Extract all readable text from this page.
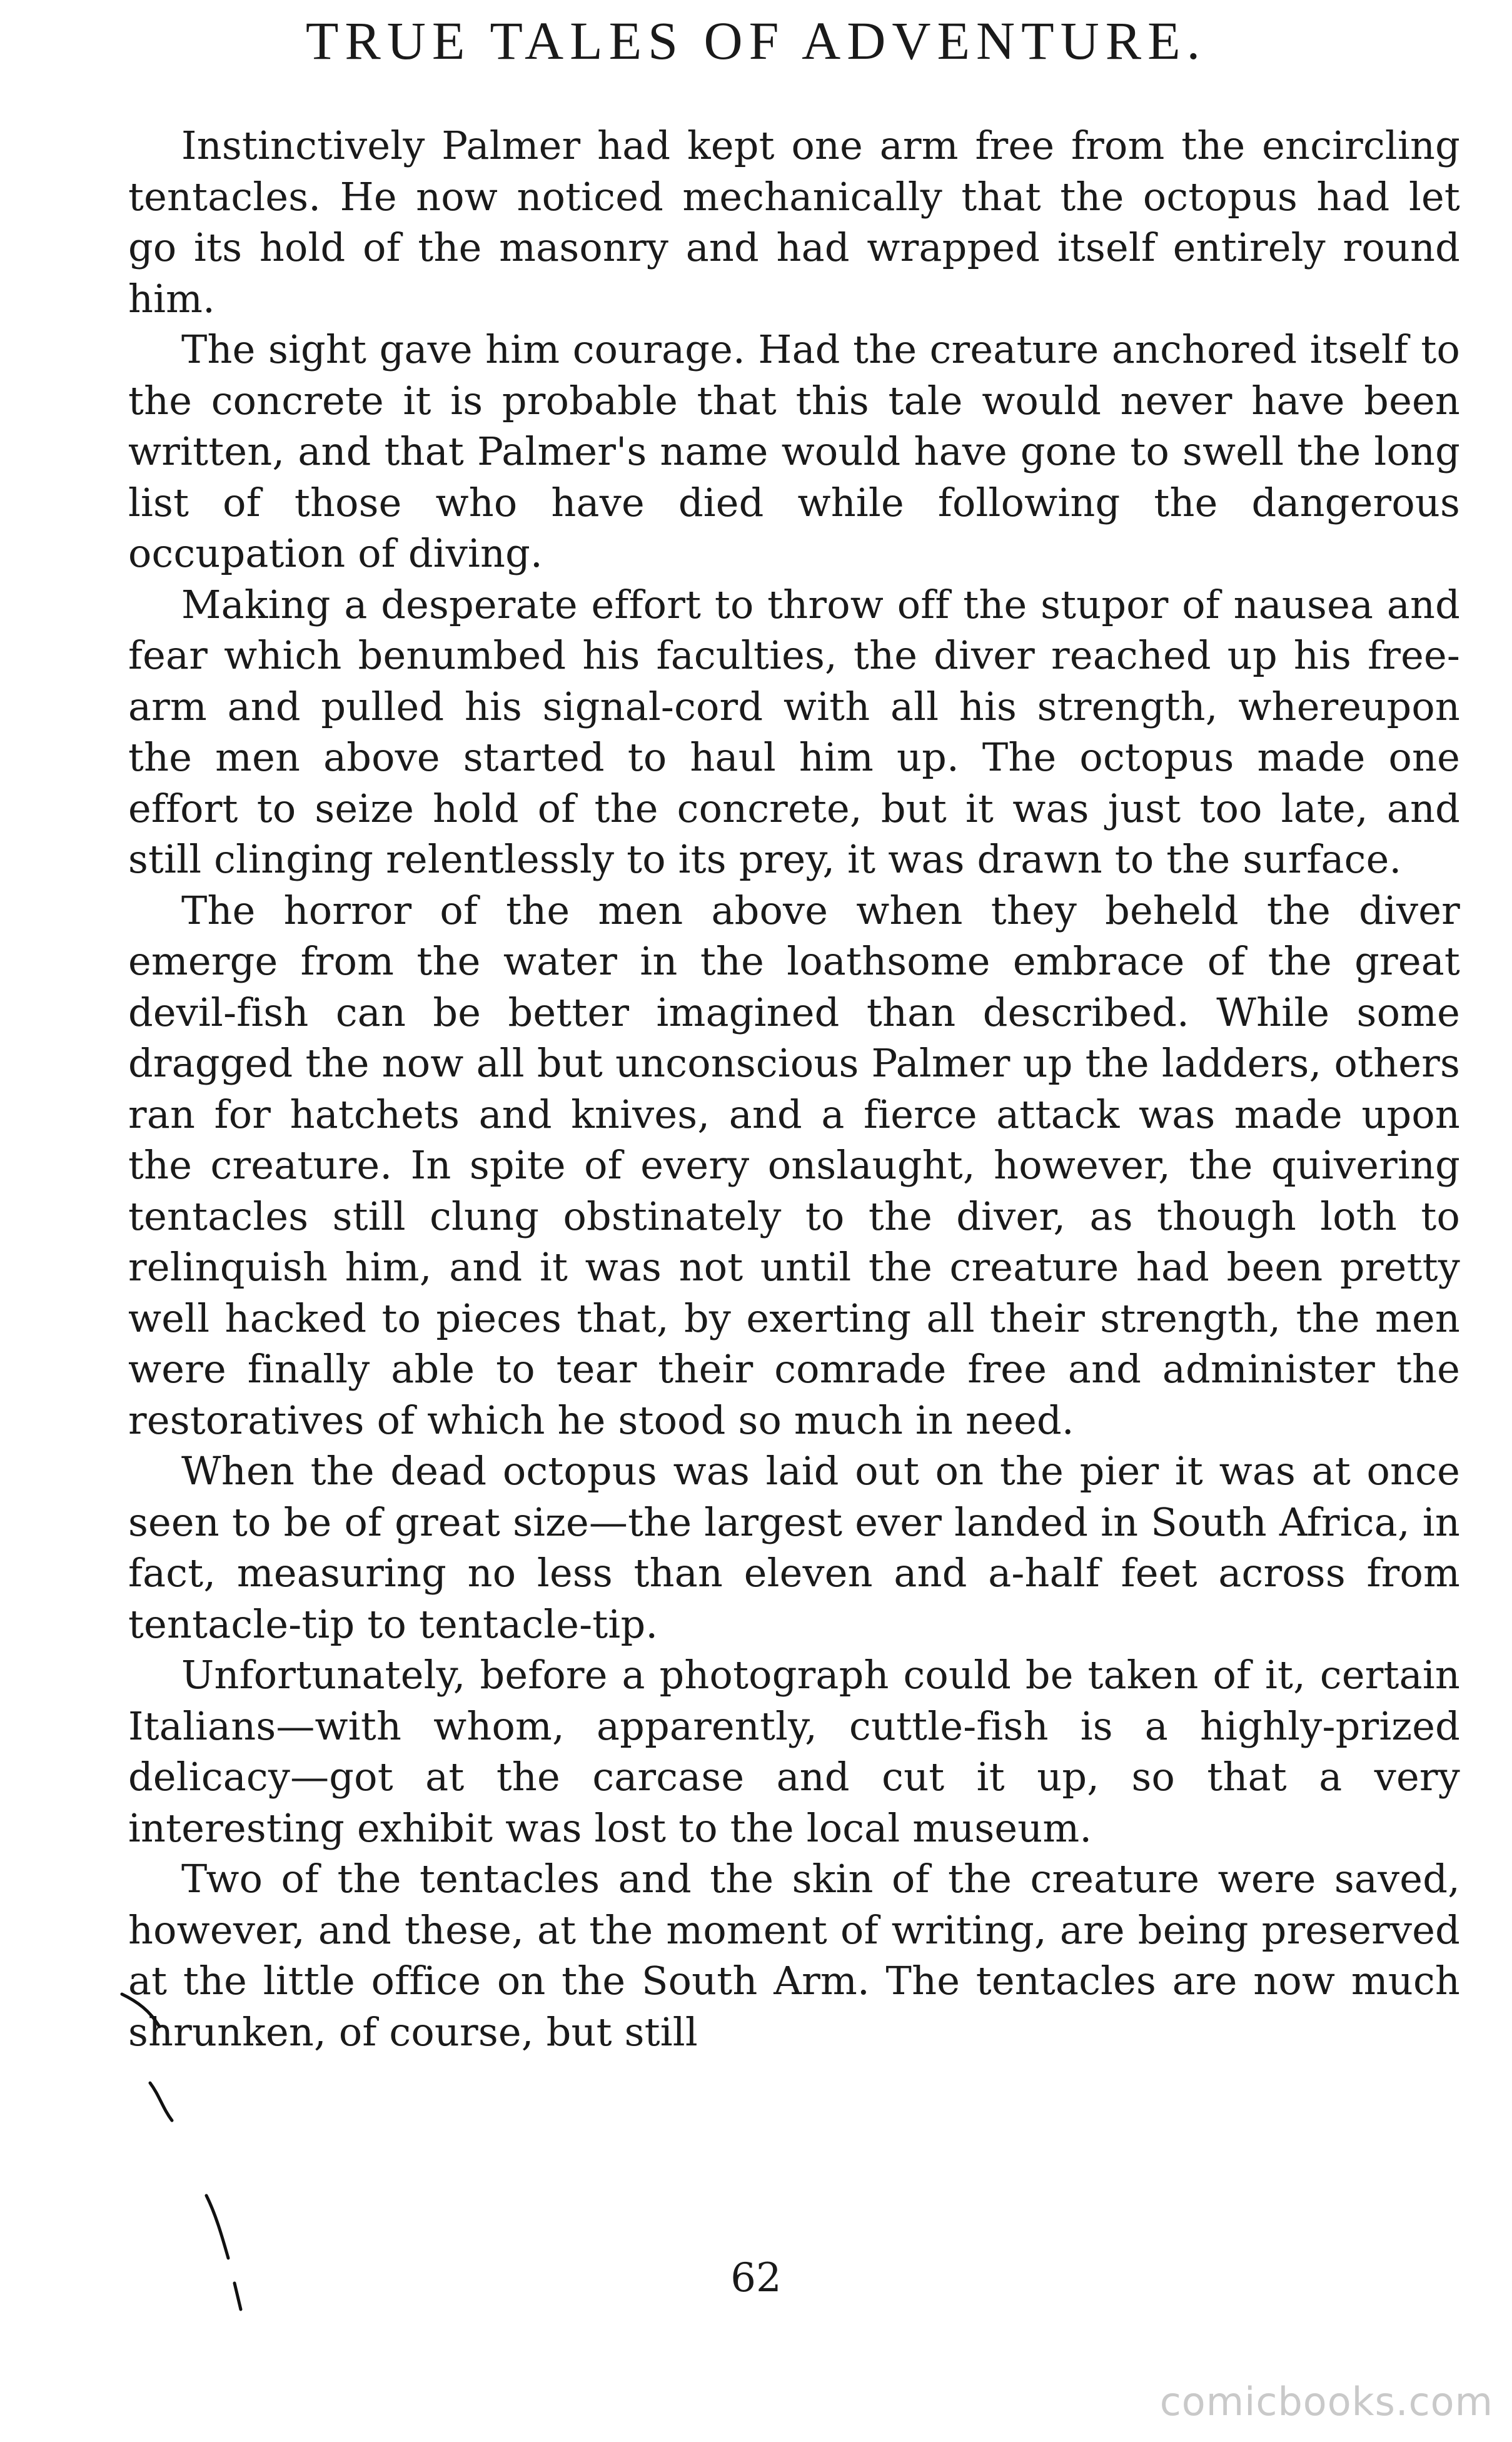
TRUE TALES OF ADVENTURE.

Instinctively Palmer had kept one arm free from the encircling tentacles. He now noticed mechanically that the octopus had let go its hold of the masonry and had wrapped itself entirely round him.

The sight gave him courage. Had the creature anchored itself to the concrete it is probable that this tale would never have been written, and that Palmer's name would have gone to swell the long list of those who have died while following the dangerous occupation of diving.

Making a desperate effort to throw off the stupor of nausea and fear which benumbed his faculties, the diver reached up his free-arm and pulled his signal-cord with all his strength, whereupon the men above started to haul him up. The octopus made one effort to seize hold of the concrete, but it was just too late, and still clinging relentlessly to its prey, it was drawn to the surface.

The horror of the men above when they beheld the diver emerge from the water in the loathsome embrace of the great devil-fish can be better imagined than described. While some dragged the now all but unconscious Palmer up the ladders, others ran for hatchets and knives, and a fierce attack was made upon the creature. In spite of every onslaught, however, the quivering tentacles still clung obstinately to the diver, as though loth to relinquish him, and it was not until the creature had been pretty well hacked to pieces that, by exerting all their strength, the men were finally able to tear their comrade free and administer the restoratives of which he stood so much in need.

When the dead octopus was laid out on the pier it was at once seen to be of great size—the largest ever landed in South Africa, in fact, measuring no less than eleven and a-half feet across from tentacle-tip to tentacle-tip.

Unfortunately, before a photograph could be taken of it, certain Italians—with whom, apparently, cuttle-fish is a highly-prized delicacy—got at the carcase and cut it up, so that a very interesting exhibit was lost to the local museum.

Two of the tentacles and the skin of the creature were saved, however, and these, at the moment of writing, are being preserved at the little office on the South Arm. The tentacles are now much shrunken, of course, but still

62
comicbooks.com
